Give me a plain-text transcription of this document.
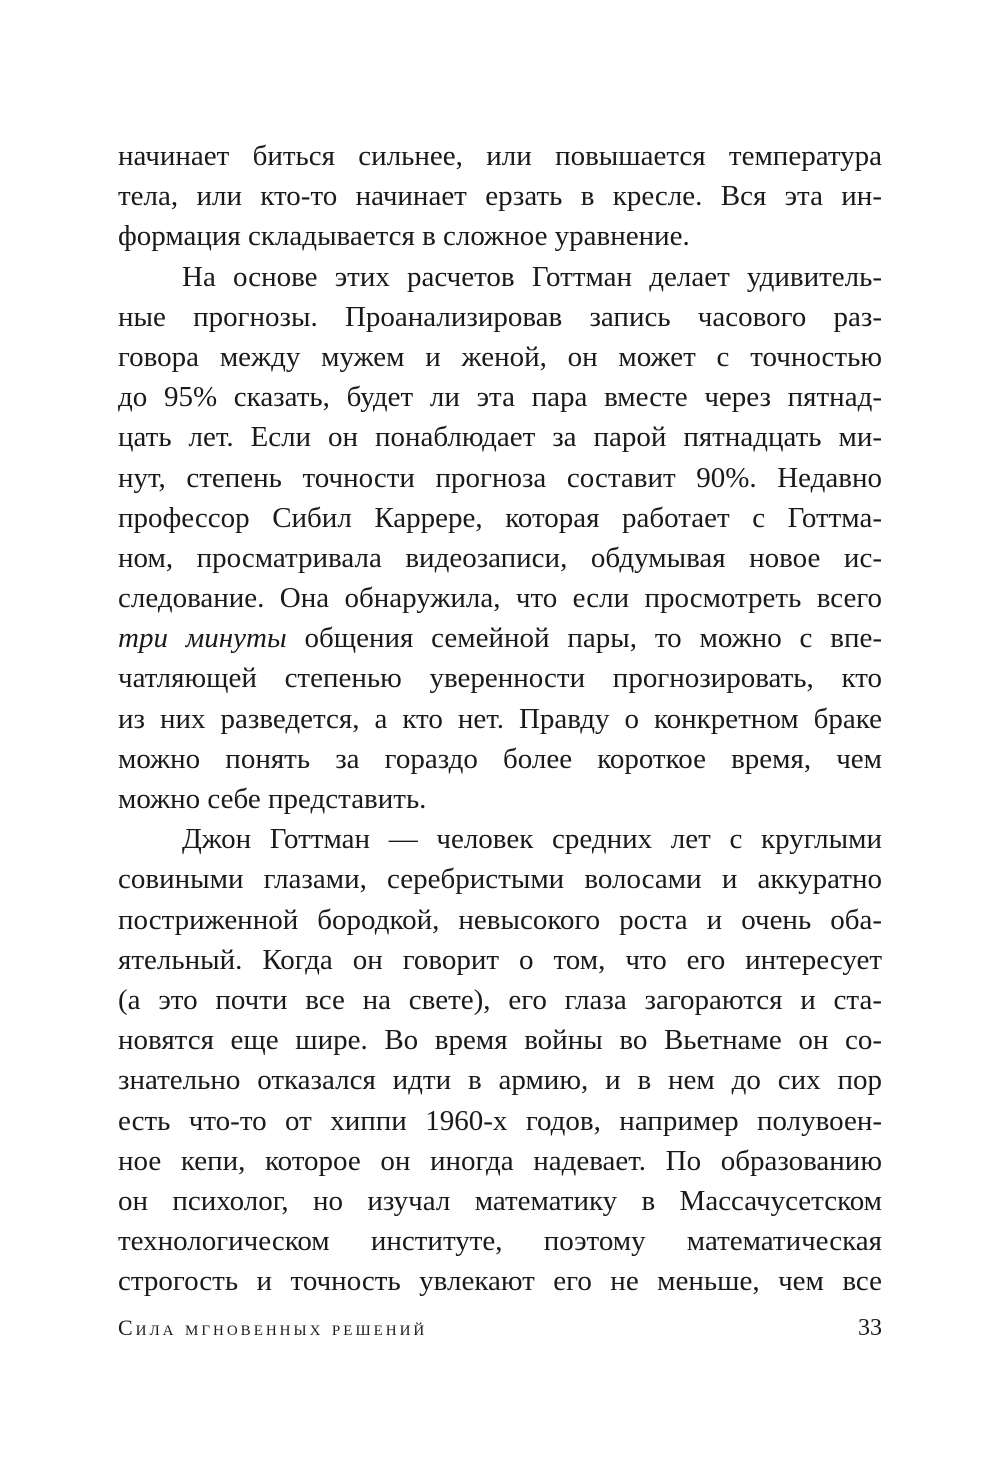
начинает биться сильнее, или повышается температура
тела, или кто-то начинает ерзать в кресле. Вся эта ин-
формация складывается в сложное уравнение.
На основе этих расчетов Готтман делает удивитель-
ные прогнозы. Проанализировав запись часового раз-
говора между мужем и женой, он может с точностью
до 95% сказать, будет ли эта пара вместе через пятнад-
цать лет. Если он понаблюдает за парой пятнадцать ми-
нут, степень точности прогноза составит 90%. Недавно
профессор Сибил Каррере, которая работает с Готтма-
ном, просматривала видеозаписи, обдумывая новое ис-
следование. Она обнаружила, что если просмотреть всего
три минуты общения семейной пары, то можно с впе-
чатляющей степенью уверенности прогнозировать, кто
из них разведется, а кто нет. Правду о конкретном браке
можно понять за гораздо более короткое время, чем
можно себе представить.
Джон Готтман — человек средних лет с круглыми
совиными глазами, серебристыми волосами и аккуратно
постриженной бородкой, невысокого роста и очень оба-
ятельный. Когда он говорит о том, что его интересует
(а это почти все на свете), его глаза загораются и ста-
новятся еще шире. Во время войны во Вьетнаме он со-
знательно отказался идти в армию, и в нем до сих пор
есть что-то от хиппи 1960-х годов, например полувоен-
ное кепи, которое он иногда надевает. По образованию
он психолог, но изучал математику в Массачусетском
технологическом институте, поэтому математическая
строгость и точность увлекают его не меньше, чем все
Сила мгновенных решений	33
